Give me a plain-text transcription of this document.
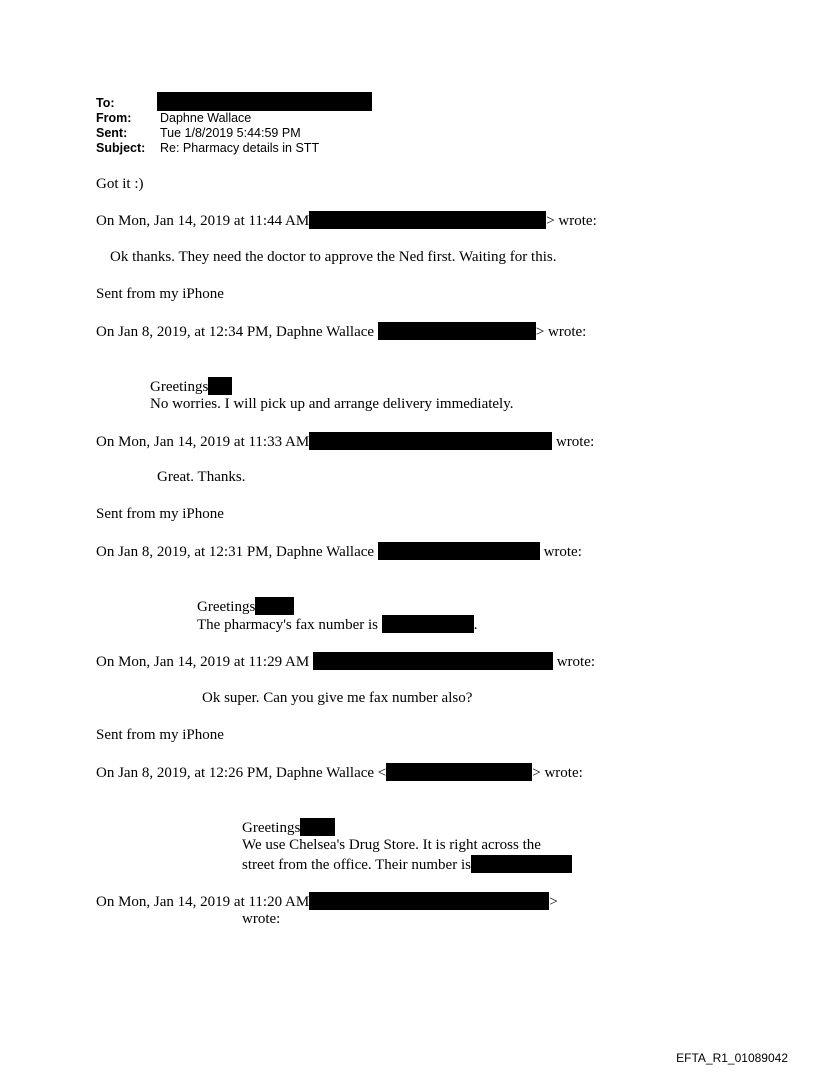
To:
From: Daphne Wallace
Sent:	Tue 1/8/2019 5:44:59 PM
Subject: Re: Pharmacy details in STT
Got it :)
On Mon, Jan 14, 2019 at 11:44 AM	> wrote:
Ok thanks. They need the doctor to approve the Ned first. Waiting for this.
Sent from my iPhone
On Jan 8, 2019, at 12:34 PM, Daphne Wallace	> wrote:
Greetings
No worries. I will pick up and arrange delivery immediately.
On Mon, Jan 14, 2019 at 11:33 AM	wrote:
Great. Thanks.
Sent from my iPhone
On Jan 8, 2019, at 12:31 PM, Daphne Wallace	wrote:
Greetings
The pharmacy's fax number is	.
On Mon, Jan 14, 2019 at 11:29 AM	wrote:
Ok super. Can you give me fax number also?
Sent from my iPhone
On Jan 8, 2019, at 12:26 PM, Daphne Wallace <	> wrote:
Greetings
We use Chelsea's Drug Store. It is right across the
street from the office. Their number is
On Mon, Jan 14, 2019 at 11:20 AM	>
wrote:
EFTA_R1_01089042
